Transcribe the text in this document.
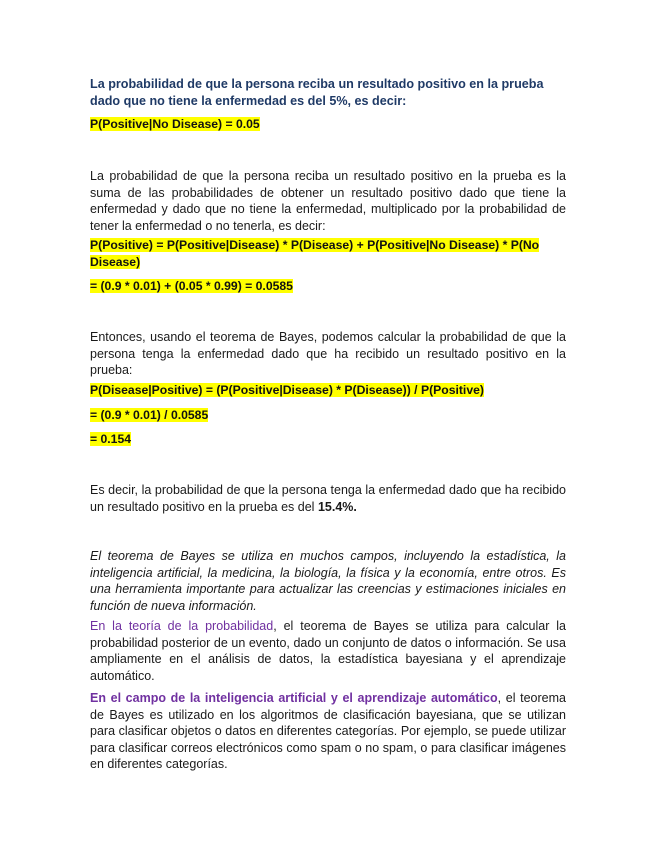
La probabilidad de que la persona reciba un resultado positivo en la prueba dado que no tiene la enfermedad es del 5%, es decir:
P(Positive|No Disease) = 0.05
La probabilidad de que la persona reciba un resultado positivo en la prueba es la suma de las probabilidades de obtener un resultado positivo dado que tiene la enfermedad y dado que no tiene la enfermedad, multiplicado por la probabilidad de tener la enfermedad o no tenerla, es decir:
P(Positive) = P(Positive|Disease) * P(Disease) + P(Positive|No Disease) * P(No Disease)
= (0.9 * 0.01) + (0.05 * 0.99) = 0.0585
Entonces, usando el teorema de Bayes, podemos calcular la probabilidad de que la persona tenga la enfermedad dado que ha recibido un resultado positivo en la prueba:
P(Disease|Positive) = (P(Positive|Disease) * P(Disease)) / P(Positive)
= (0.9 * 0.01) / 0.0585
= 0.154
Es decir, la probabilidad de que la persona tenga la enfermedad dado que ha recibido un resultado positivo en la prueba es del 15.4%.
El teorema de Bayes se utiliza en muchos campos, incluyendo la estadística, la inteligencia artificial, la medicina, la biología, la física y la economía, entre otros. Es una herramienta importante para actualizar las creencias y estimaciones iniciales en función de nueva información.
En la teoría de la probabilidad, el teorema de Bayes se utiliza para calcular la probabilidad posterior de un evento, dado un conjunto de datos o información. Se usa ampliamente en el análisis de datos, la estadística bayesiana y el aprendizaje automático.
En el campo de la inteligencia artificial y el aprendizaje automático, el teorema de Bayes es utilizado en los algoritmos de clasificación bayesiana, que se utilizan para clasificar objetos o datos en diferentes categorías. Por ejemplo, se puede utilizar para clasificar correos electrónicos como spam o no spam, o para clasificar imágenes en diferentes categorías.
